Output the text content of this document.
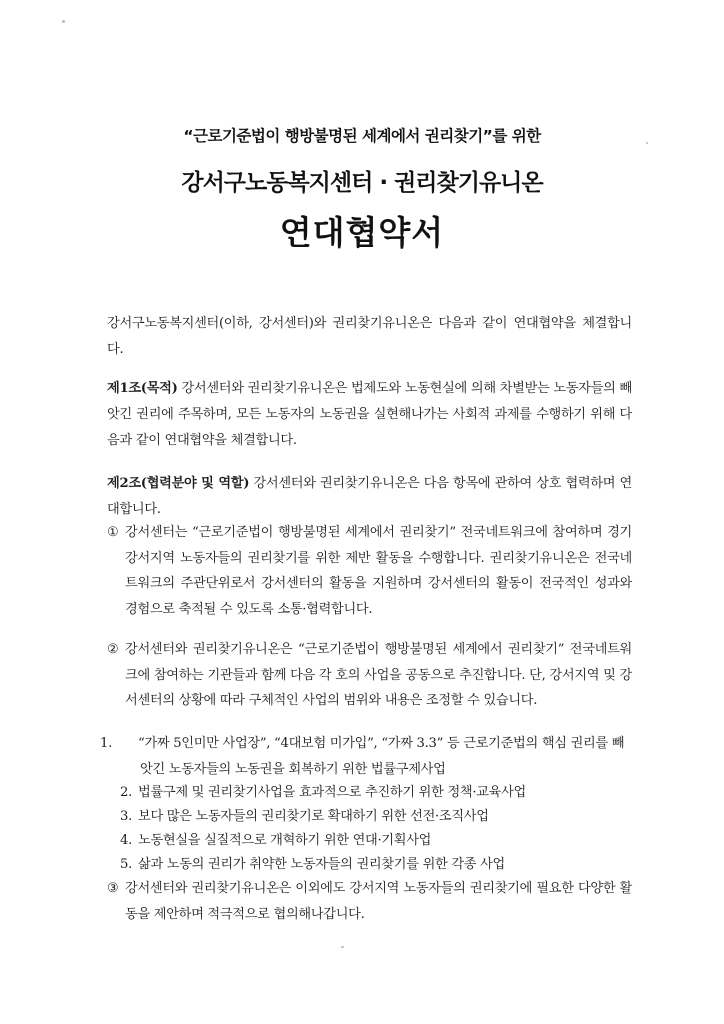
“근로기준법이 행방불명된 세계에서 권리찾기”를 위한
강서구노동복지센터 · 권리찾기유니온
연대협약서
강서구노동복지센터(이하, 강서센터)와 권리찾기유니온은 다음과 같이 연대협약을 체결합니다.
제1조(목적) 강서센터와 권리찾기유니온은 법제도와 노동현실에 의해 차별받는 노동자들의 빼앗긴 권리에 주목하며, 모든 노동자의 노동권을 실현해나가는 사회적 과제를 수행하기 위해 다음과 같이 연대협약을 체결합니다.
제2조(협력분야 및 역할) 강서센터와 권리찾기유니온은 다음 항목에 관하여 상호 협력하며 연대합니다.
① 강서센터는 “근로기준법이 행방불명된 세계에서 권리찾기” 전국네트워크에 참여하며 경기 강서지역 노동자들의 권리찾기를 위한 제반 활동을 수행합니다. 권리찾기유니온은 전국네트워크의 주관단위로서 강서센터의 활동을 지원하며 강서센터의 활동이 전국적인 성과와 경험으로 축적될 수 있도록 소통·협력합니다.
② 강서센터와 권리찾기유니온은 “근로기준법이 행방불명된 세계에서 권리찾기” 전국네트워크에 참여하는 기관들과 함께 다음 각 호의 사업을 공동으로 추진합니다. 단, 강서지역 및 강서센터의 상황에 따라 구체적인 사업의 범위와 내용은 조정할 수 있습니다.
1. “가짜 5인미만 사업장”, “4대보험 미가입”, “가짜 3.3” 등 근로기준법의 핵심 권리를 빼앗긴 노동자들의 노동권을 회복하기 위한 법률구제사업
2. 법률구제 및 권리찾기사업을 효과적으로 추진하기 위한 정책·교육사업
3. 보다 많은 노동자들의 권리찾기로 확대하기 위한 선전·조직사업
4. 노동현실을 실질적으로 개혁하기 위한 연대·기획사업
5. 삶과 노동의 권리가 취약한 노동자들의 권리찾기를 위한 각종 사업
③ 강서센터와 권리찾기유니온은 이외에도 강서지역 노동자들의 권리찾기에 필요한 다양한 활동을 제안하며 적극적으로 협의해나갑니다.
